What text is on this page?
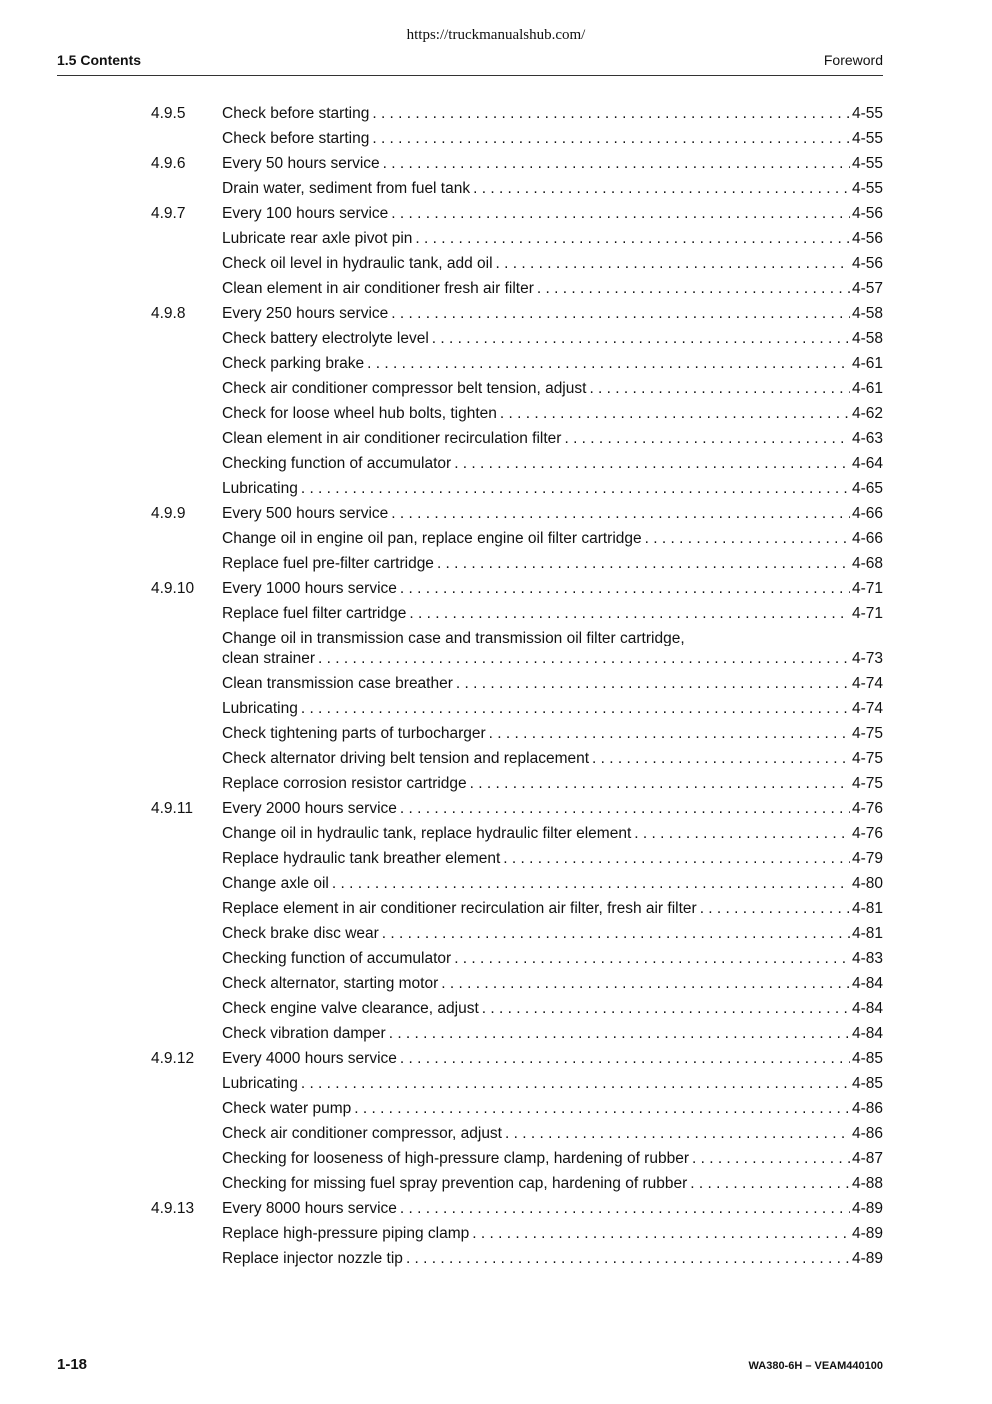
https://truckmanualshub.com/
1.5 Contents	Foreword
4.9.5	Check before starting . . .	4-55
Check before starting . . .	4-55
4.9.6	Every 50 hours service . . .	4-55
Drain water, sediment from fuel tank . . .	4-55
4.9.7	Every 100 hours service . . .	4-56
Lubricate rear axle pivot pin . . .	4-56
Check oil level in hydraulic tank, add oil . . .	4-56
Clean element in air conditioner fresh air filter . . .	4-57
4.9.8	Every 250 hours service . . .	4-58
Check battery electrolyte level . . .	4-58
Check parking brake . . .	4-61
Check air conditioner compressor belt tension, adjust . . .	4-61
Check for loose wheel hub bolts, tighten . . .	4-62
Clean element in air conditioner recirculation filter . . .	4-63
Checking function of accumulator . . .	4-64
Lubricating . . .	4-65
4.9.9	Every 500 hours service . . .	4-66
Change oil in engine oil pan, replace engine oil filter cartridge . . .	4-66
Replace fuel pre-filter cartridge . . .	4-68
4.9.10	Every 1000 hours service . . .	4-71
Replace fuel filter cartridge . . .	4-71
Change oil in transmission case and transmission oil filter cartridge,
clean strainer . . .	4-73
Clean transmission case breather . . .	4-74
Lubricating . . .	4-74
Check tightening parts of turbocharger . . .	4-75
Check alternator driving belt tension and replacement . . .	4-75
Replace corrosion resistor cartridge . . .	4-75
4.9.11	Every 2000 hours service . . .	4-76
Change oil in hydraulic tank, replace hydraulic filter element . . .	4-76
Replace hydraulic tank breather element . . .	4-79
Change axle oil . . .	4-80
Replace element in air conditioner recirculation air filter, fresh air filter . . .	4-81
Check brake disc wear . . .	4-81
Checking function of accumulator . . .	4-83
Check alternator, starting motor . . .	4-84
Check engine valve clearance, adjust . . .	4-84
Check vibration damper . . .	4-84
4.9.12	Every 4000 hours service . . .	4-85
Lubricating . . .	4-85
Check water pump . . .	4-86
Check air conditioner compressor, adjust . . .	4-86
Checking for looseness of high-pressure clamp, hardening of rubber . . .	4-87
Checking for missing fuel spray prevention cap, hardening of rubber . . .	4-88
4.9.13	Every 8000 hours service . . .	4-89
Replace high-pressure piping clamp . . .	4-89
Replace injector nozzle tip . . .	4-89
1-18	WA380-6H – VEAM440100
